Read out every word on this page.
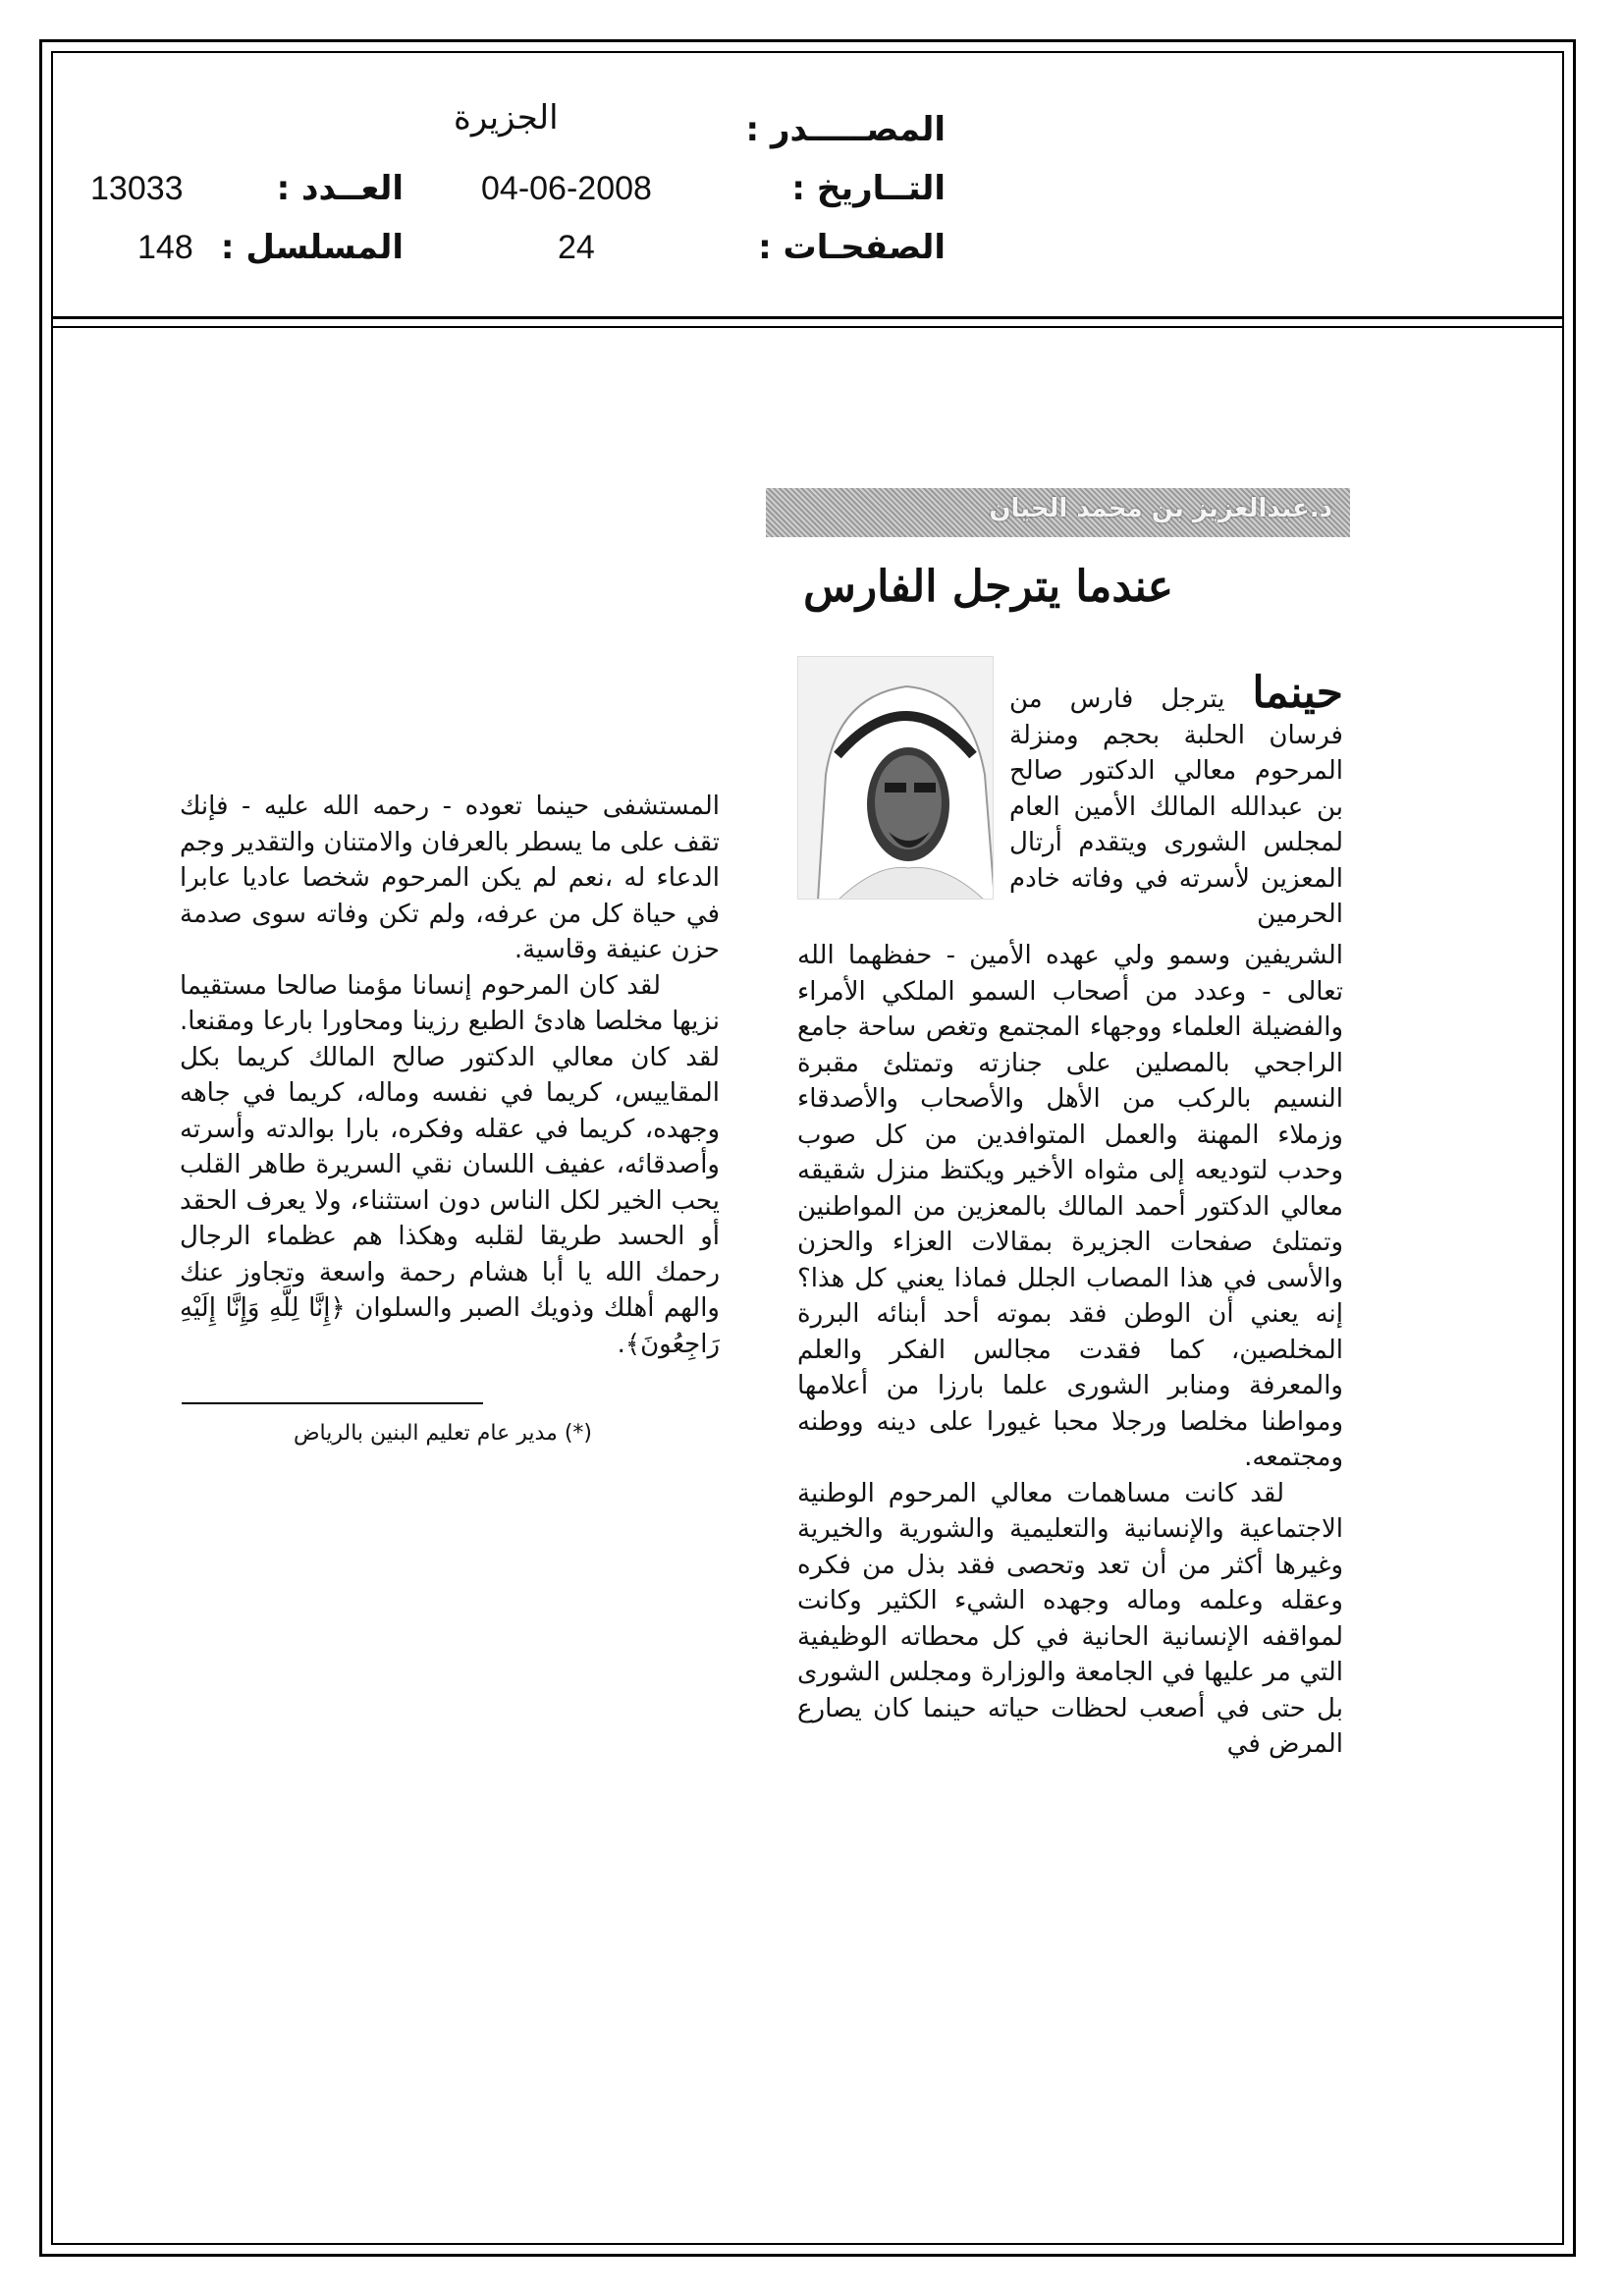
المصـــــدر :
الجزيرة
التــاريخ :
04-06-2008
العــدد :
13033
الصفحـات :
24
المسلسل :
148
د.عبدالعزيز بن محمد الحيان
عندما يترجل الفارس

حينما يترجل فارس من فرسان الحلبة بحجم ومنزلة المرحوم معالي الدكتور صالح بن عبدالله المالك الأمين العام لمجلس الشورى ويتقدم أرتال المعزين لأسرته في وفاته خادم الحرمين

الشريفين وسمو ولي عهده الأمين - حفظهما الله تعالى - وعدد من أصحاب السمو الملكي الأمراء والفضيلة العلماء ووجهاء المجتمع وتغص ساحة جامع الراجحي بالمصلين على جنازته وتمتلئ مقبرة النسيم بالركب من الأهل والأصحاب والأصدقاء وزملاء المهنة والعمل المتوافدين من كل صوب وحدب لتوديعه إلى مثواه الأخير ويكتظ منزل شقيقه معالي الدكتور أحمد المالك بالمعزين من المواطنين وتمتلئ صفحات الجزيرة بمقالات العزاء والحزن والأسى في هذا المصاب الجلل فماذا يعني كل هذا؟ إنه يعني أن الوطن فقد بموته أحد أبنائه البررة المخلصين، كما فقدت مجالس الفكر والعلم والمعرفة ومنابر الشورى علما بارزا من أعلامها ومواطنا مخلصا ورجلا محبا غيورا على دينه ووطنه ومجتمعه.

لقد كانت مساهمات معالي المرحوم الوطنية الاجتماعية والإنسانية والتعليمية والشورية والخيرية وغيرها أكثر من أن تعد وتحصى فقد بذل من فكره وعقله وعلمه وماله وجهده الشيء الكثير وكانت لمواقفه الإنسانية الحانية في كل محطاته الوظيفية التي مر عليها في الجامعة والوزارة ومجلس الشورى بل حتى في أصعب لحظات حياته حينما كان يصارع المرض في

المستشفى حينما تعوده - رحمه الله عليه - فإنك تقف على ما يسطر بالعرفان والامتنان والتقدير وجم الدعاء له ،نعم لم يكن المرحوم شخصا عاديا عابرا في حياة كل من عرفه، ولم تكن وفاته سوى صدمة حزن عنيفة وقاسية.

لقد كان المرحوم إنسانا مؤمنا صالحا مستقيما نزيها مخلصا هادئ الطبع رزينا ومحاورا بارعا ومقنعا. لقد كان معالي الدكتور صالح المالك كريما بكل المقاييس، كريما في نفسه وماله، كريما في جاهه وجهده، كريما في عقله وفكره، بارا بوالدته وأسرته وأصدقائه، عفيف اللسان نقي السريرة طاهر القلب يحب الخير لكل الناس دون استثناء، ولا يعرف الحقد أو الحسد طريقا لقلبه وهكذا هم عظماء الرجال رحمك الله يا أبا هشام رحمة واسعة وتجاوز عنك والهم أهلك وذويك الصبر والسلوان ﴿إِنَّا لِلَّهِ وَإِنَّا إِلَيْهِ رَاجِعُونَ﴾.

(*) مدير عام تعليم البنين بالرياض
